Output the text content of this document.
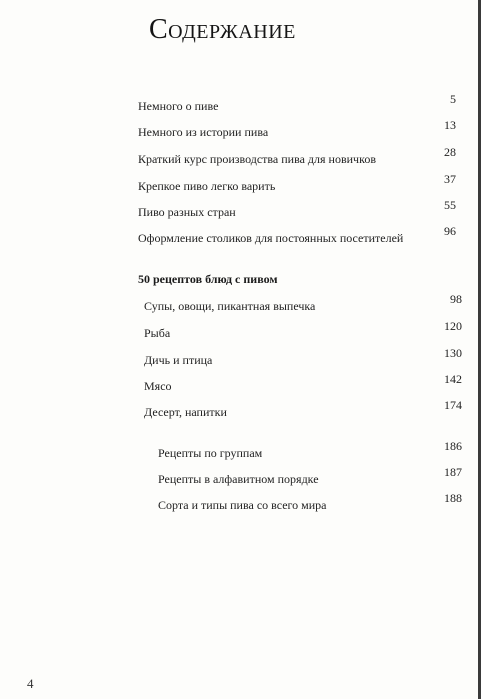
Содержание
Немного о пиве	5
Немного из истории пива	13
Краткий курс производства пива для новичков	28
Крепкое пиво легко варить	37
Пиво разных стран	55
Оформление столиков для постоянных посетителей	96
50 рецептов блюд с пивом
Супы, овощи, пикантная выпечка	98
Рыба	120
Дичь и птица	130
Мясо	142
Десерт, напитки	174
Рецепты по группам	186
Рецепты в алфавитном порядке	187
Сорта и типы пива со всего мира	188
4
